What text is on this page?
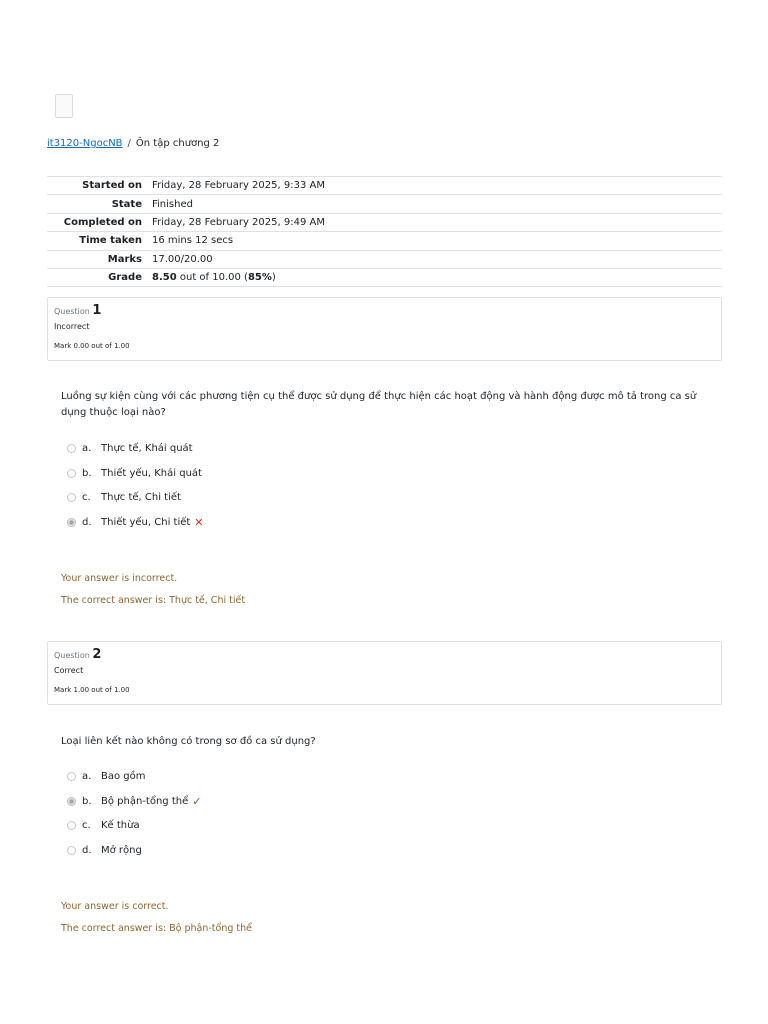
it3120-NgocNB / Ôn tập chương 2
Started on	Friday, 28 February 2025, 9:33 AM
State	Finished
Completed on	Friday, 28 February 2025, 9:49 AM
Time taken	16 mins 12 secs
Marks	17.00/20.00
Grade	8.50 out of 10.00 (85%)
Question 1
Incorrect
Mark 0.00 out of 1.00
Luồng sự kiện cùng với các phương tiện cụ thể được sử dụng để thực hiện các hoạt động và hành động được mô tả trong ca sử dụng thuộc loại nào?
a. Thực tế, Khái quát
b. Thiết yếu, Khái quát
c.	Thực tế, Chi tiết
d. Thiết yếu, Chi tiết ✕
Your answer is incorrect.
The correct answer is: Thực tế, Chi tiết
Question 2
Correct
Mark 1.00 out of 1.00
Loại liên kết nào không có trong sơ đồ ca sử dụng?
a. Bao gồm
b. Bộ phận-tổng thể ✓
c.	Kế thừa
d. Mở rộng
Your answer is correct.
The correct answer is: Bộ phận-tổng thể
